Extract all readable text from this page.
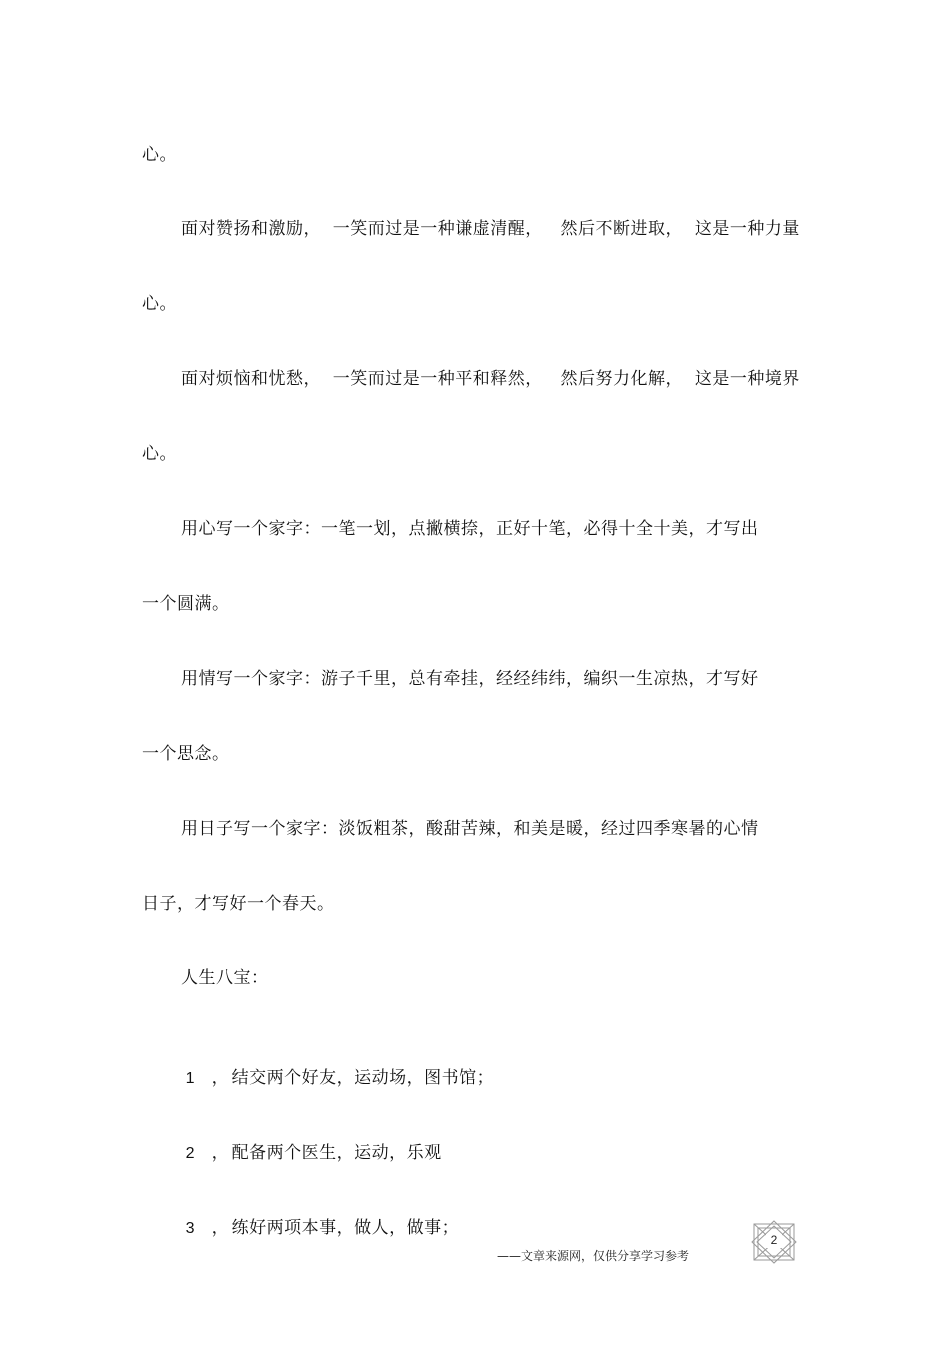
心。
面对赞扬和激励，  一笑而过是一种谦虚清醒，   然后不断进取，  这是一种力量
心。
面对烦恼和忧愁，  一笑而过是一种平和释然，   然后努力化解，  这是一种境界
心。
用心写一个家字：一笔一划，点撇横捺，正好十笔，必得十全十美，才写出
一个圆满。
用情写一个家字：游子千里，总有牵挂，经经纬纬，编织一生凉热，才写好
一个思念。
用日子写一个家字：淡饭粗茶，酸甜苦辣，和美是暖，经过四季寒暑的心情
日子，才写好一个春天。
人生八宝：

1 ， 结交两个好友，运动场，图书馆；

2 ， 配备两个医生，运动，乐观

3 ， 练好两项本事，做人，做事；

2
——文章来源网，仅供分享学习参考
